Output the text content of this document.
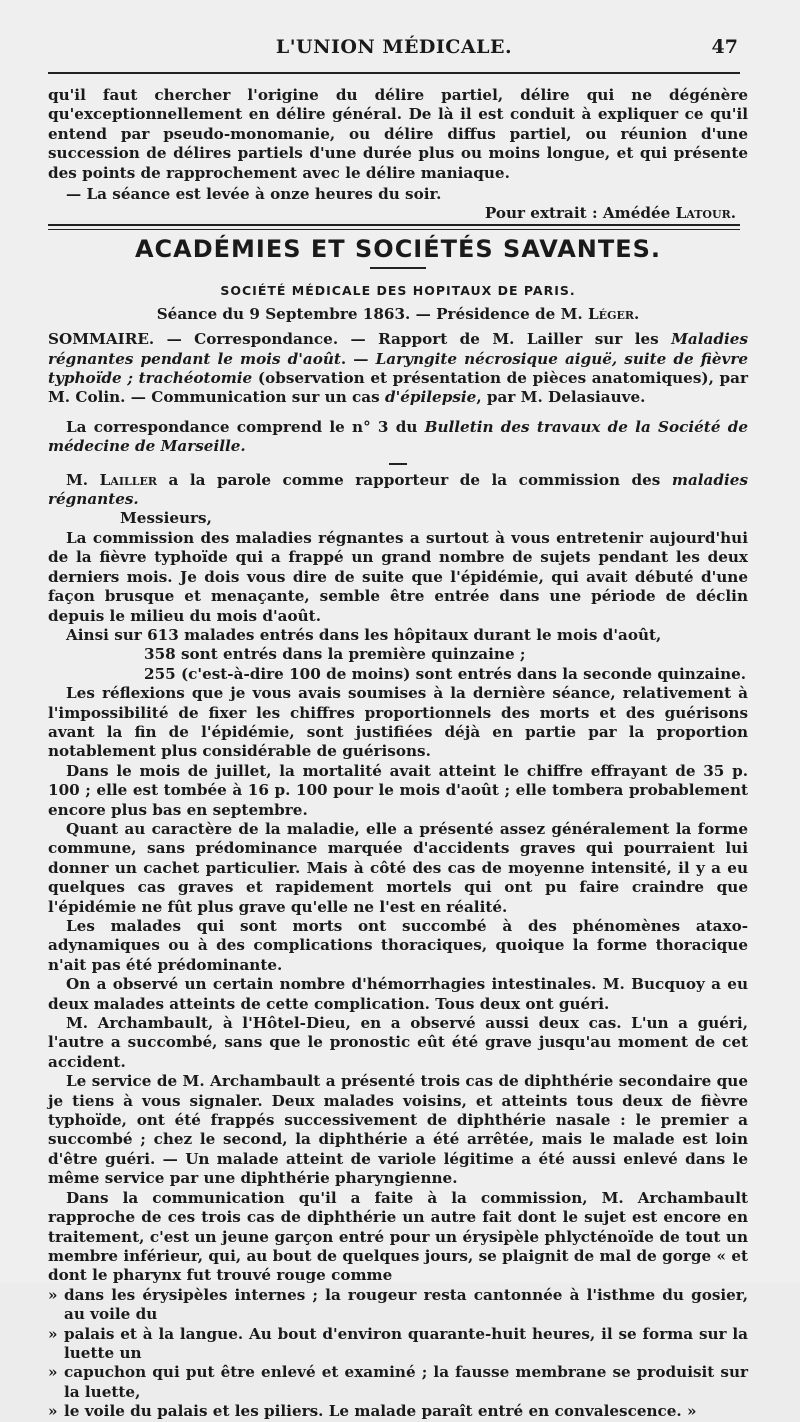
L'UNION MÉDICALE.	47

qu'il faut chercher l'origine du délire partiel, délire qui ne dégénère qu'exceptionnellement en délire général. De là il est conduit à expliquer ce qu'il entend par pseudo-monomanie, ou délire diffus partiel, ou réunion d'une succession de délires partiels d'une durée plus ou moins longue, et qui présente des points de rapprochement avec le délire maniaque.

— La séance est levée à onze heures du soir.

Pour extrait : Amédée Latour.

ACADÉMIES ET SOCIÉTÉS SAVANTES.

SOCIÉTÉ MÉDICALE DES HOPITAUX DE PARIS.

Séance du 9 Septembre 1863. — Présidence de M. Léger.

SOMMAIRE. — Correspondance. — Rapport de M. Lailler sur les Maladies régnantes pendant le mois d'août. — Laryngite nécrosique aiguë, suite de fièvre typhoïde ; trachéotomie (observation et présentation de pièces anatomiques), par M. Colin. — Communication sur un cas d'épilepsie, par M. Delasiauve.

La correspondance comprend le n° 3 du Bulletin des travaux de la Société de médecine de Marseille.

M. Lailler a la parole comme rapporteur de la commission des maladies régnantes.

Messieurs,

La commission des maladies régnantes a surtout à vous entretenir aujourd'hui de la fièvre typhoïde qui a frappé un grand nombre de sujets pendant les deux derniers mois. Je dois vous dire de suite que l'épidémie, qui avait débuté d'une façon brusque et menaçante, semble être entrée dans une période de déclin depuis le milieu du mois d'août.

Ainsi sur 613 malades entrés dans les hôpitaux durant le mois d'août,

358 sont entrés dans la première quinzaine ;

255 (c'est-à-dire 100 de moins) sont entrés dans la seconde quinzaine.

Les réflexions que je vous avais soumises à la dernière séance, relativement à l'impossibilité de fixer les chiffres proportionnels des morts et des guérisons avant la fin de l'épidémie, sont justifiées déjà en partie par la proportion notablement plus considérable de guérisons.

Dans le mois de juillet, la mortalité avait atteint le chiffre effrayant de 35 p. 100 ; elle est tombée à 16 p. 100 pour le mois d'août ; elle tombera probablement encore plus bas en septembre.

Quant au caractère de la maladie, elle a présenté assez généralement la forme commune, sans prédominance marquée d'accidents graves qui pourraient lui donner un cachet particulier. Mais à côté des cas de moyenne intensité, il y a eu quelques cas graves et rapidement mortels qui ont pu faire craindre que l'épidémie ne fût plus grave qu'elle ne l'est en réalité.

Les malades qui sont morts ont succombé à des phénomènes ataxo-adynamiques ou à des complications thoraciques, quoique la forme thoracique n'ait pas été prédominante.

On a observé un certain nombre d'hémorrhagies intestinales. M. Bucquoy a eu deux malades atteints de cette complication. Tous deux ont guéri.

M. Archambault, à l'Hôtel-Dieu, en a observé aussi deux cas. L'un a guéri, l'autre a succombé, sans que le pronostic eût été grave jusqu'au moment de cet accident.

Le service de M. Archambault a présenté trois cas de diphthérie secondaire que je tiens à vous signaler. Deux malades voisins, et atteints tous deux de fièvre typhoïde, ont été frappés successivement de diphthérie nasale : le premier a succombé ; chez le second, la diphthérie a été arrêtée, mais le malade est loin d'être guéri. — Un malade atteint de variole légitime a été aussi enlevé dans le même service par une diphthérie pharyngienne.

Dans la communication qu'il a faite à la commission, M. Archambault rapproche de ces trois cas de diphthérie un autre fait dont le sujet est encore en traitement, c'est un jeune garçon entré pour un érysipèle phlycténoïde de tout un membre inférieur, qui, au bout de quelques jours, se plaignit de mal de gorge « et dont le pharynx fut trouvé rouge comme

» dans les érysipèles internes ; la rougeur resta cantonnée à l'isthme du gosier, au voile du

» palais et à la langue. Au bout d'environ quarante-huit heures, il se forma sur la luette un

» capuchon qui put être enlevé et examiné ; la fausse membrane se produisit sur la luette,

» le voile du palais et les piliers. Le malade paraît entré en convalescence. »
